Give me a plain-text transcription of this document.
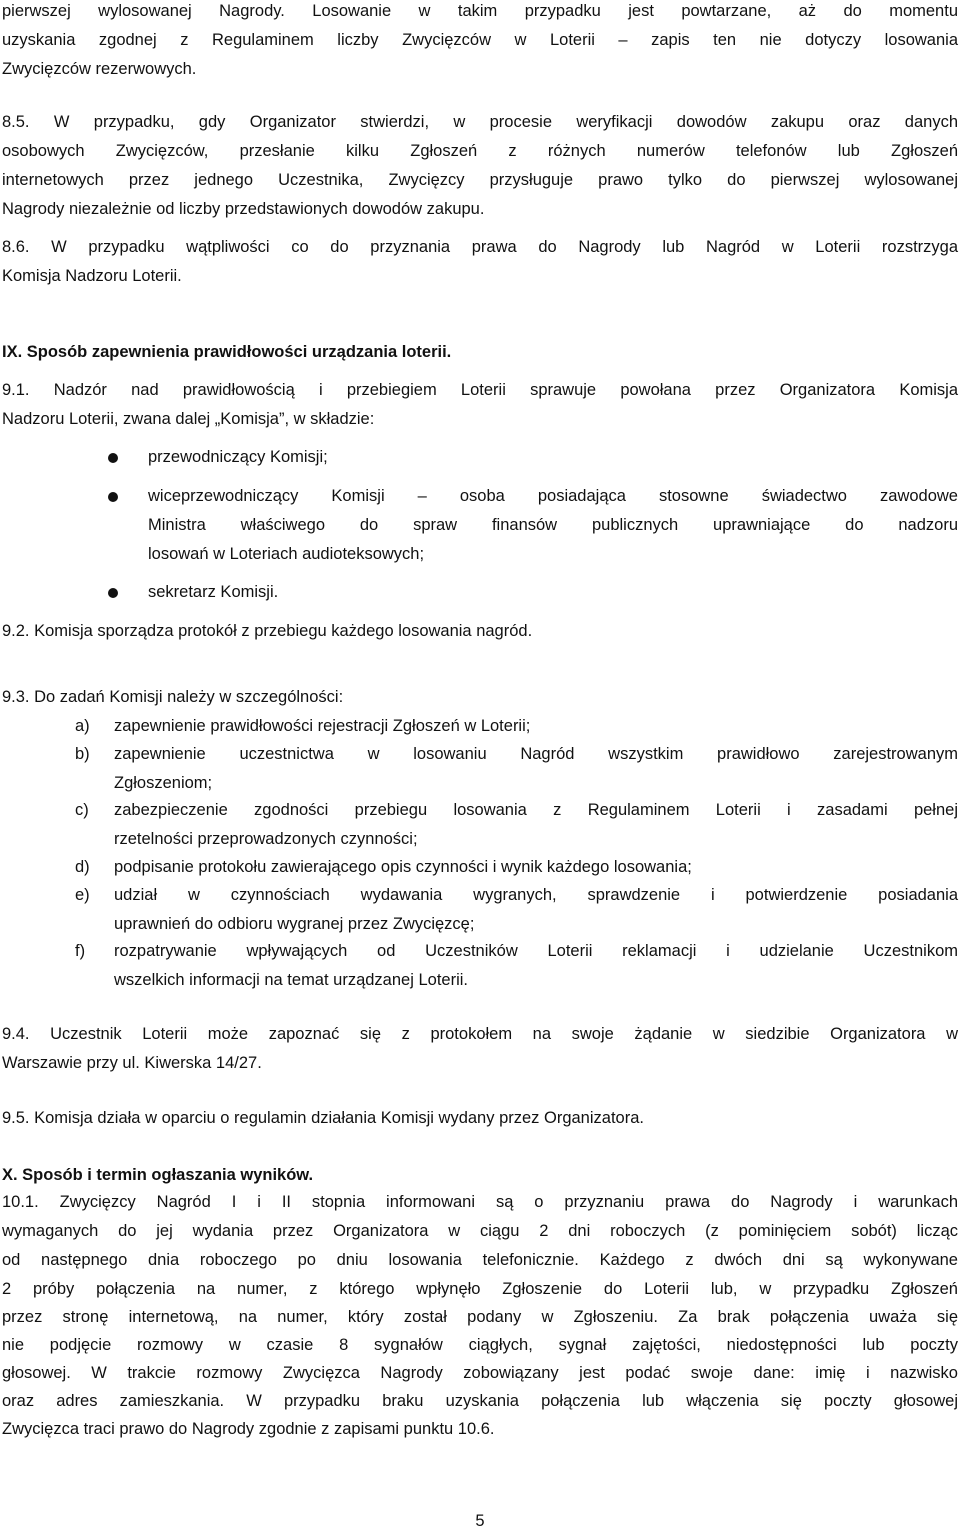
pierwszej wylosowanej Nagrody. Losowanie w takim przypadku jest powtarzane, aż do momentu
uzyskania zgodnej z Regulaminem liczby Zwycięzców w Loterii – zapis ten nie dotyczy losowania
Zwycięzców rezerwowych.
8.5. W przypadku, gdy Organizator stwierdzi, w procesie weryfikacji dowodów zakupu oraz danych
osobowych Zwycięzców, przesłanie kilku Zgłoszeń z różnych numerów telefonów lub Zgłoszeń
internetowych przez jednego Uczestnika, Zwycięzcy przysługuje prawo tylko do pierwszej wylosowanej
Nagrody niezależnie od liczby przedstawionych dowodów zakupu.
8.6. W przypadku wątpliwości co do przyznania prawa do Nagrody lub Nagród w Loterii rozstrzyga
Komisja Nadzoru Loterii.
IX. Sposób zapewnienia prawidłowości urządzania loterii.
9.1. Nadzór nad prawidłowością i przebiegiem Loterii sprawuje powołana przez Organizatora Komisja
Nadzoru Loterii, zwana dalej „Komisja”, w składzie:
przewodniczący Komisji;
wiceprzewodniczący Komisji – osoba posiadająca stosowne świadectwo zawodowe
Ministra właściwego do spraw finansów publicznych uprawniające do nadzoru
losowań w Loteriach audioteksowych;
sekretarz Komisji.
9.2. Komisja sporządza protokół z przebiegu każdego losowania nagród.
9.3. Do zadań Komisji należy w szczególności:
a) zapewnienie prawidłowości rejestracji Zgłoszeń w Loterii;
b) zapewnienie uczestnictwa w losowaniu Nagród wszystkim prawidłowo zarejestrowanym
Zgłoszeniom;
c) zabezpieczenie zgodności przebiegu losowania z Regulaminem Loterii i zasadami pełnej
rzetelności przeprowadzonych czynności;
d) podpisanie protokołu zawierającego opis czynności i wynik każdego losowania;
e) udział w czynnościach wydawania wygranych, sprawdzenie i potwierdzenie posiadania
uprawnień do odbioru wygranej przez Zwycięzcę;
f) rozpatrywanie wpływających od Uczestników Loterii reklamacji i udzielanie Uczestnikom
wszelkich informacji na temat urządzanej Loterii.
9.4. Uczestnik Loterii może zapoznać się z protokołem na swoje żądanie w siedzibie Organizatora w
Warszawie przy ul. Kiwerska 14/27.
9.5. Komisja działa w oparciu o regulamin działania Komisji wydany przez Organizatora.
X. Sposób i termin ogłaszania wyników.
10.1. Zwycięzcy Nagród I i II stopnia informowani są o przyznaniu prawa do Nagrody i warunkach
wymaganych do jej wydania przez Organizatora w ciągu 2 dni roboczych (z pominięciem sobót) licząc
od następnego dnia roboczego po dniu losowania telefonicznie. Każdego z dwóch dni są wykonywane
2 próby połączenia na numer, z którego wpłynęło Zgłoszenie do Loterii lub, w przypadku Zgłoszeń
przez stronę internetową, na numer, który został podany w Zgłoszeniu. Za brak połączenia uważa się
nie podjęcie rozmowy w czasie 8 sygnałów ciągłych, sygnał zajętości, niedostępności lub poczty
głosowej. W trakcie rozmowy Zwycięzca Nagrody zobowiązany jest podać swoje dane: imię i nazwisko
oraz adres zamieszkania. W przypadku braku uzyskania połączenia lub włączenia się poczty głosowej
Zwycięzca traci prawo do Nagrody zgodnie z zapisami punktu 10.6.
5
